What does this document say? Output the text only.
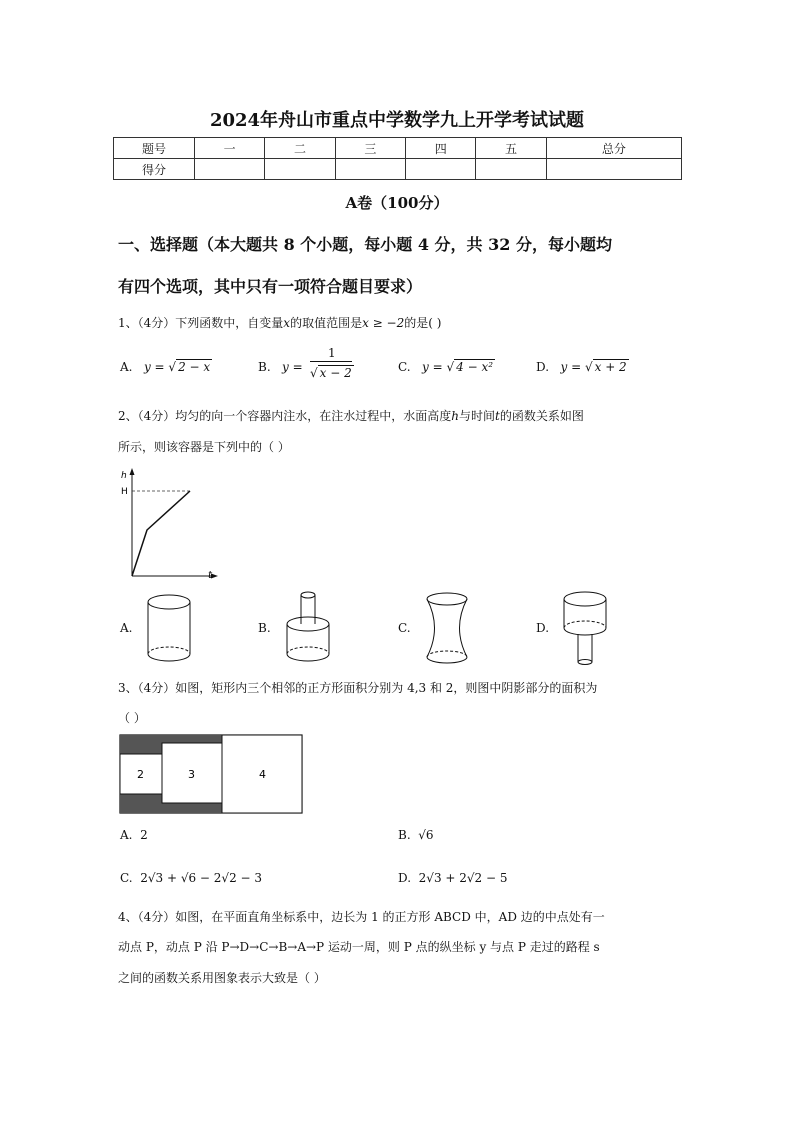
2024年舟山市重点中学数学九上开学考试试题
题号	一	二	三	四	五	总分
得分						
A卷（100分）
一、选择题（本大题共 8 个小题，每小题 4 分，共 32 分，每小题均
有四个选项，其中只有一项符合题目要求）
1、（4分）下列函数中，自变量x的取值范围是x ≥ −2的是( )
A. y = √ 2 − x	B. y =
1
√ x − 2	C. y = √ 4 − x²	D. y = √ x + 2
2、（4分）均匀的向一个容器内注水，在注水过程中，水面高度h与时间t的函数关系如图
所示，则该容器是下列中的（ ）
h
H
t
A.	B.	C.	D.
3、（4分）如图，矩形内三个相邻的正方形面积分别为 4,3 和 2，则图中阴影部分的面积为
（ ）
2	3	4
A. 2	B. √6
C. 2√3 + √6 − 2√2 − 3	D. 2√3 + 2√2 − 5
4、（4分）如图，在平面直角坐标系中，边长为 1 的正方形 ABCD 中，AD 边的中点处有一
动点 P，动点 P 沿 P→D→C→B→A→P 运动一周，则 P 点的纵坐标 y 与点 P 走过的路程 s
之间的函数关系用图象表示大致是（ ）
